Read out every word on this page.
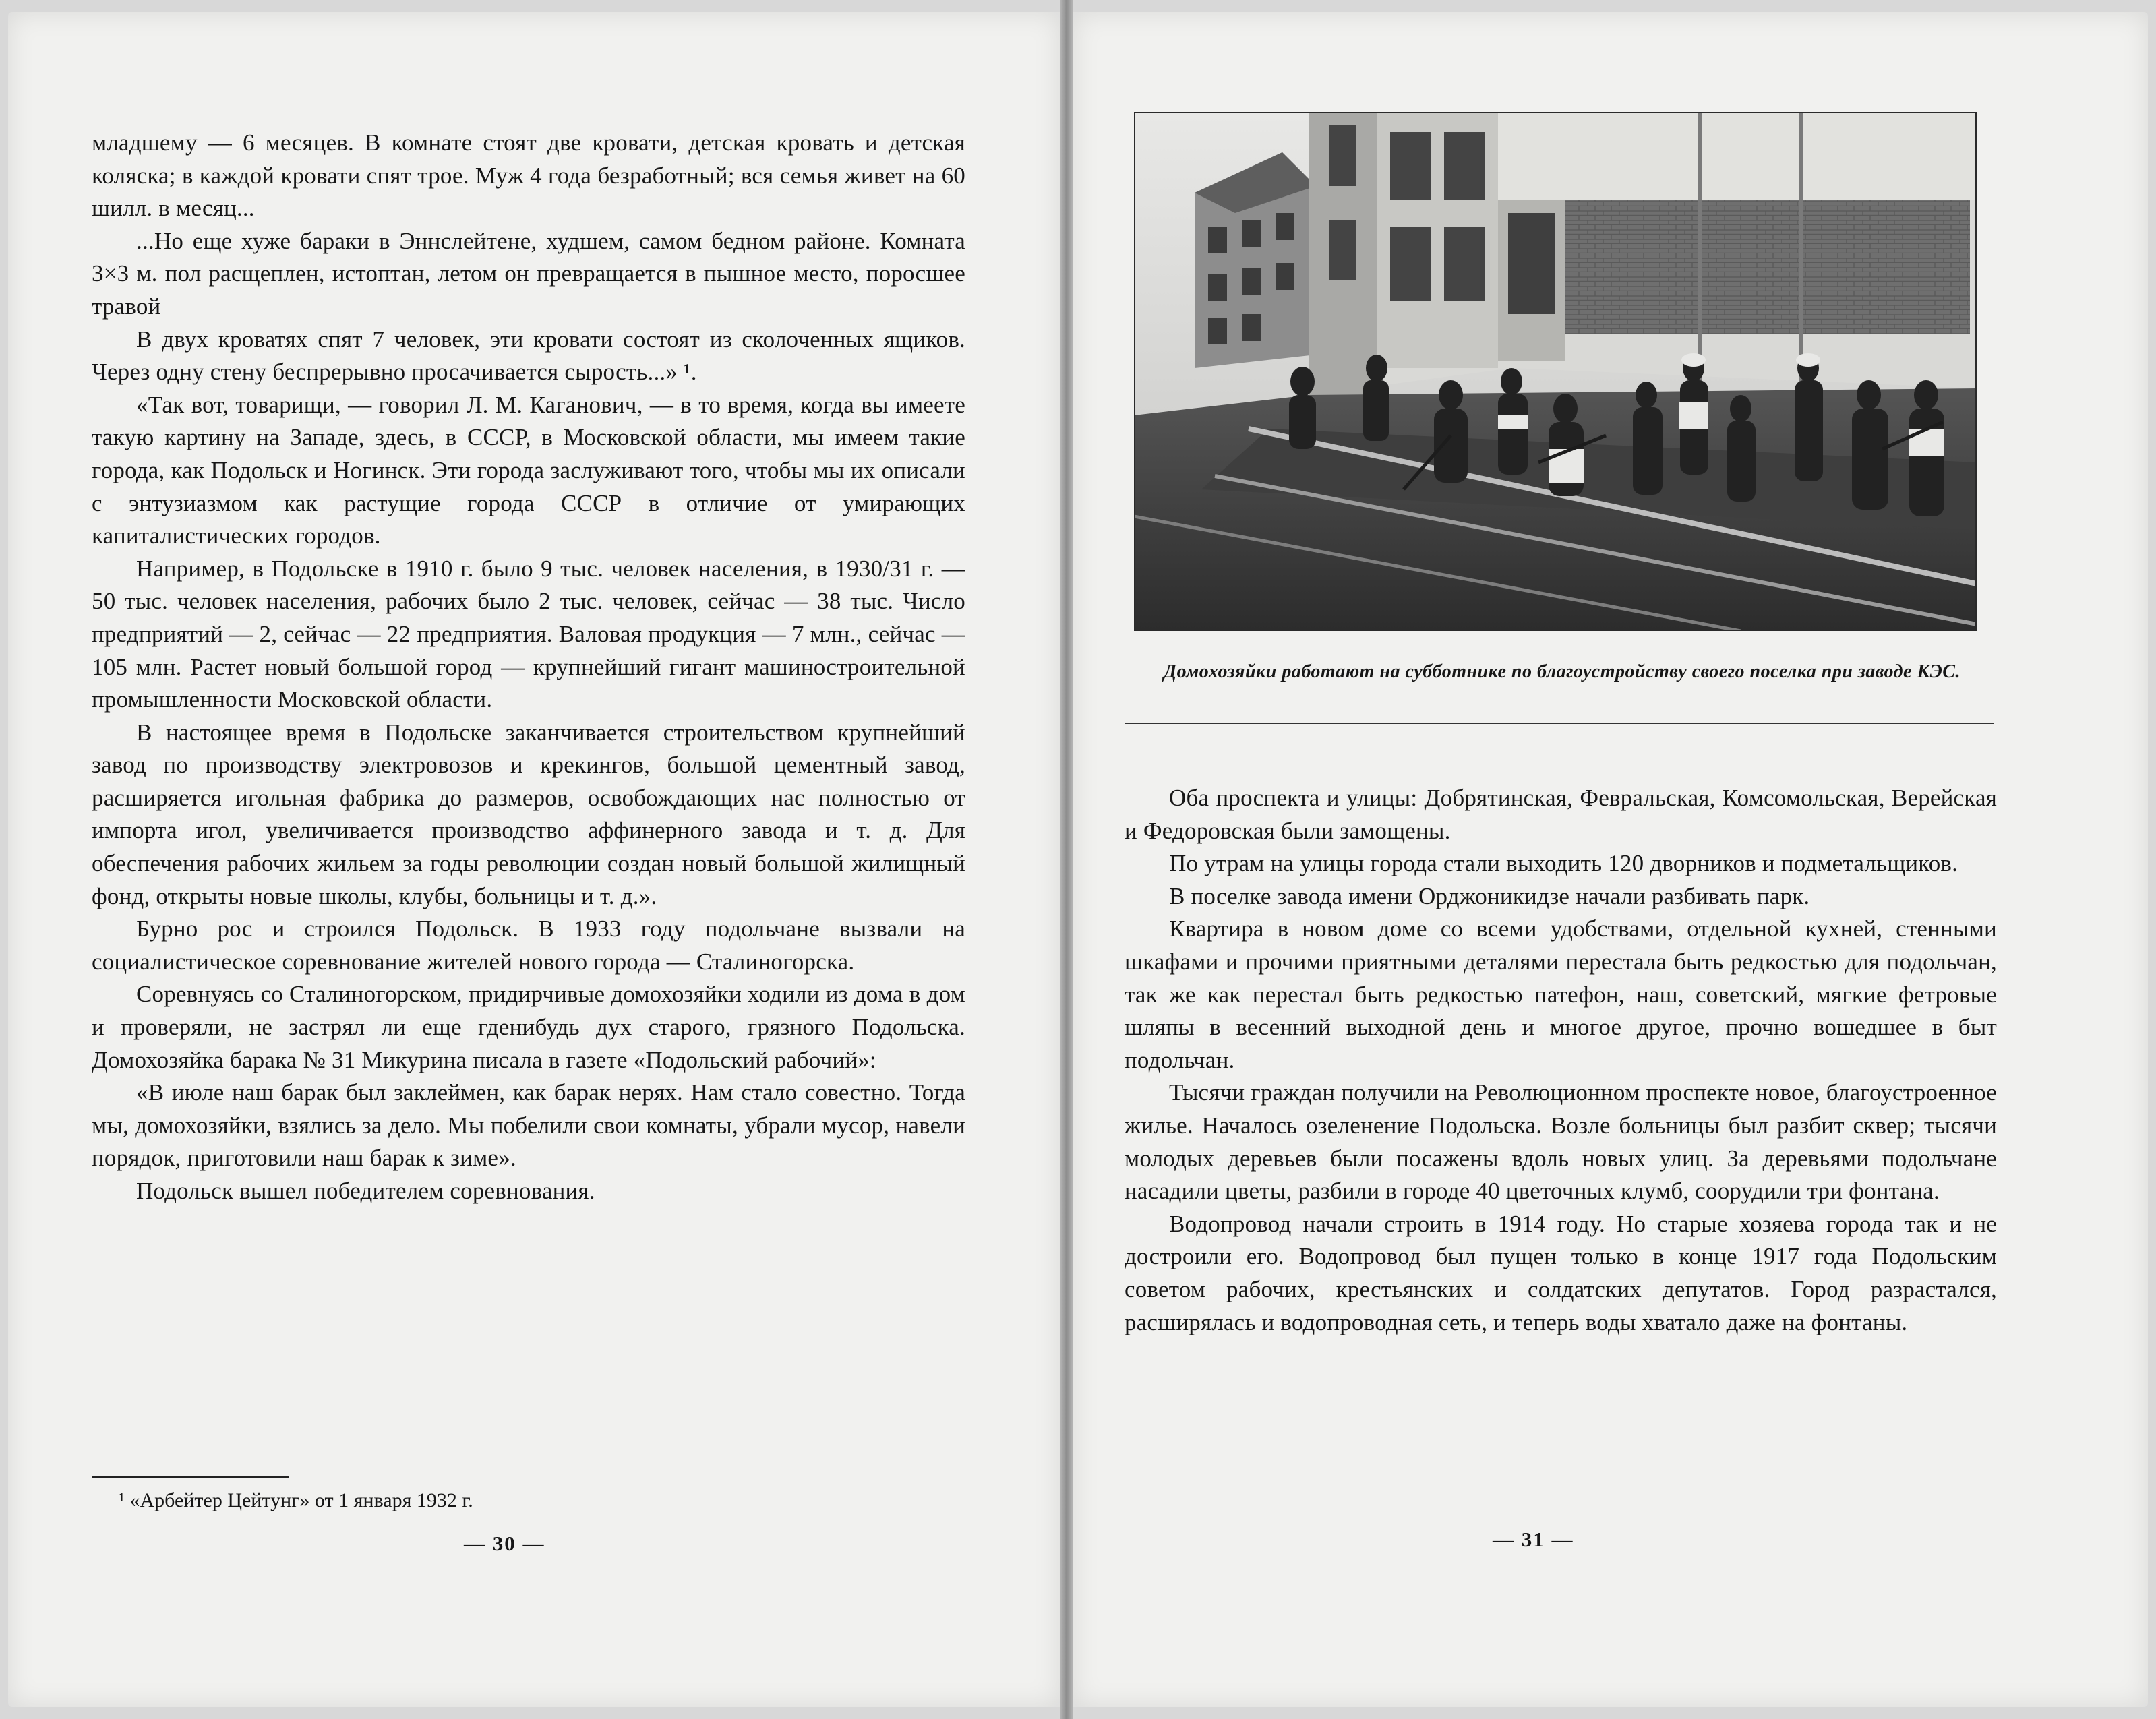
младшему — 6 месяцев. В комнате стоят две кровати, детская кровать и детская коляска; в каждой кровати спят трое. Муж 4 года безработный; вся семья живет на 60 шилл. в месяц...

...Но еще хуже бараки в Эннслейтене, худшем, самом бедном районе. Комната 3×3 м. пол расщеплен, истоптан, летом он превращается в пышное место, поросшее травой

В двух кроватях спят 7 человек, эти кровати состоят из сколоченных ящиков. Через одну стену беспрерывно просачивается сырость...» ¹.

«Так вот, товарищи, — говорил Л. М. Каганович, — в то время, когда вы имеете такую картину на Западе, здесь, в СССР, в Московской области, мы имеем такие города, как Подольск и Ногинск. Эти города заслуживают того, чтобы мы их описали с энтузиазмом как растущие города СССР в отличие от умирающих капиталистических городов.

Например, в Подольске в 1910 г. было 9 тыс. человек населения, в 1930/31 г. — 50 тыс. человек населения, рабочих было 2 тыс. человек, сейчас — 38 тыс. Число предприятий — 2, сейчас — 22 предприятия. Валовая продукция — 7 млн., сейчас — 105 млн. Растет новый большой город — крупнейший гигант машиностроительной промышленности Московской области.

В настоящее время в Подольске заканчивается строительством крупнейший завод по производству электровозов и крекингов, большой цементный завод, расширяется игольная фабрика до размеров, освобождающих нас полностью от импорта игол, увеличивается производство аффинерного завода и т. д. Для обеспечения рабочих жильем за годы революции создан новый большой жилищный фонд, открыты новые школы, клубы, больницы и т. д.».

Бурно рос и строился Подольск. В 1933 году подольчане вызвали на социалистическое соревнование жителей нового города — Сталиногорска.

Соревнуясь со Сталиногорском, придирчивые домохозяйки ходили из дома в дом и проверяли, не застрял ли еще гденибудь дух старого, грязного Подольска. Домохозяйка барака № 31 Микурина писала в газете «Подольский рабочий»:

«В июле наш барак был заклеймен, как барак нерях. Нам стало совестно. Тогда мы, домохозяйки, взялись за дело. Мы побелили свои комнаты, убрали мусор, навели порядок, приготовили наш барак к зиме».

Подольск вышел победителем соревнования.

¹ «Арбейтер Цейтунг» от 1 января 1932 г.
— 30 —
Домохозяйки работают на субботнике по благоустройству своего поселка при заводе КЭС.

Оба проспекта и улицы: Добрятинская, Февральская, Комсомольская, Верейская и Федоровская были замощены.

По утрам на улицы города стали выходить 120 дворников и подметальщиков.

В поселке завода имени Орджоникидзе начали разбивать парк.

Квартира в новом доме со всеми удобствами, отдельной кухней, стенными шкафами и прочими приятными деталями перестала быть редкостью для подольчан, так же как перестал быть редкостью патефон, наш, советский, мягкие фетровые шляпы в весенний выходной день и многое другое, прочно вошедшее в быт подольчан.

Тысячи граждан получили на Революционном проспекте новое, благоустроенное жилье. Началось озеленение Подольска. Возле больницы был разбит сквер; тысячи молодых деревьев были посажены вдоль новых улиц. За деревьями подольчане насадили цветы, разбили в городе 40 цветочных клумб, соорудили три фонтана.

Водопровод начали строить в 1914 году. Но старые хозяева города так и не достроили его. Водопровод был пущен только в конце 1917 года Подольским советом рабочих, крестьянских и солдатских депутатов. Город разрастался, расширялась и водопроводная сеть, и теперь воды хватало даже на фонтаны.

— 31 —
